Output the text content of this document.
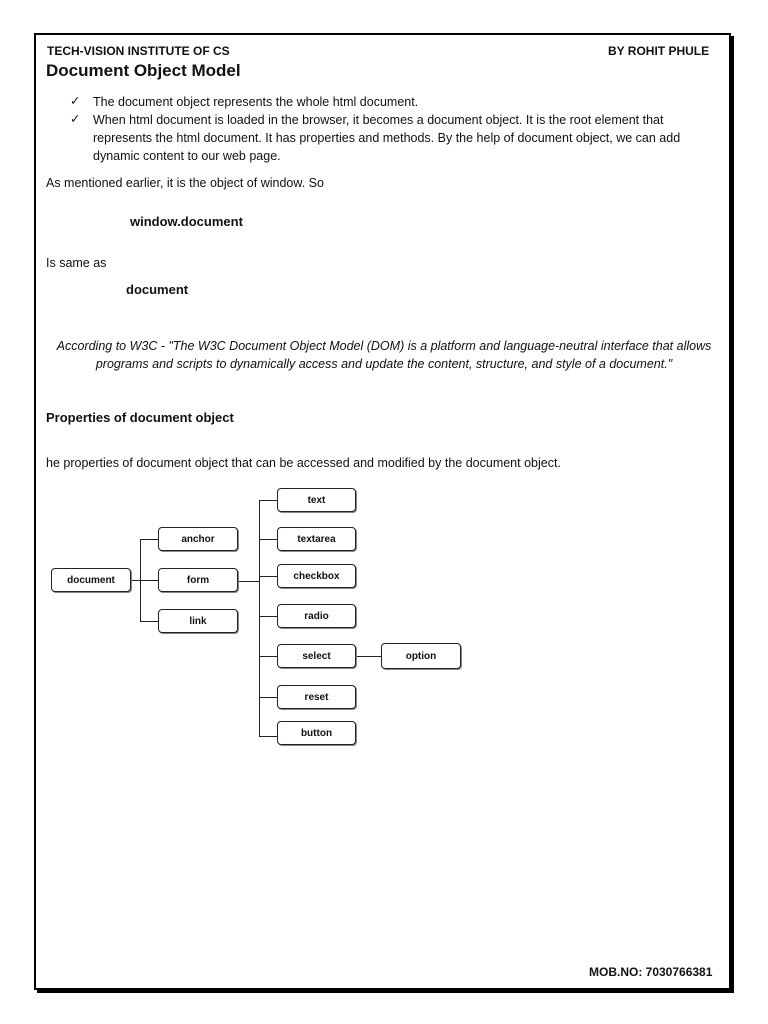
TECH-VISION INSTITUTE OF CS	BY ROHIT PHULE
Document Object Model
✓ The document object represents the whole html document.
✓ When html document is loaded in the browser, it becomes a document object. It is the root element that represents the html document. It has properties and methods. By the help of document object, we can add dynamic content to our web page.
As mentioned earlier, it is the object of window. So
window.document
Is same as
document
According to W3C - "The W3C Document Object Model (DOM) is a platform and language-neutral interface that allows programs and scripts to dynamically access and update the content, structure, and style of a document."
Properties of document object
he properties of document object that can be accessed and modified by the document object.
document
anchor
form
link
text
textarea
checkbox
radio
select
reset
button
option
MOB.NO: 7030766381
